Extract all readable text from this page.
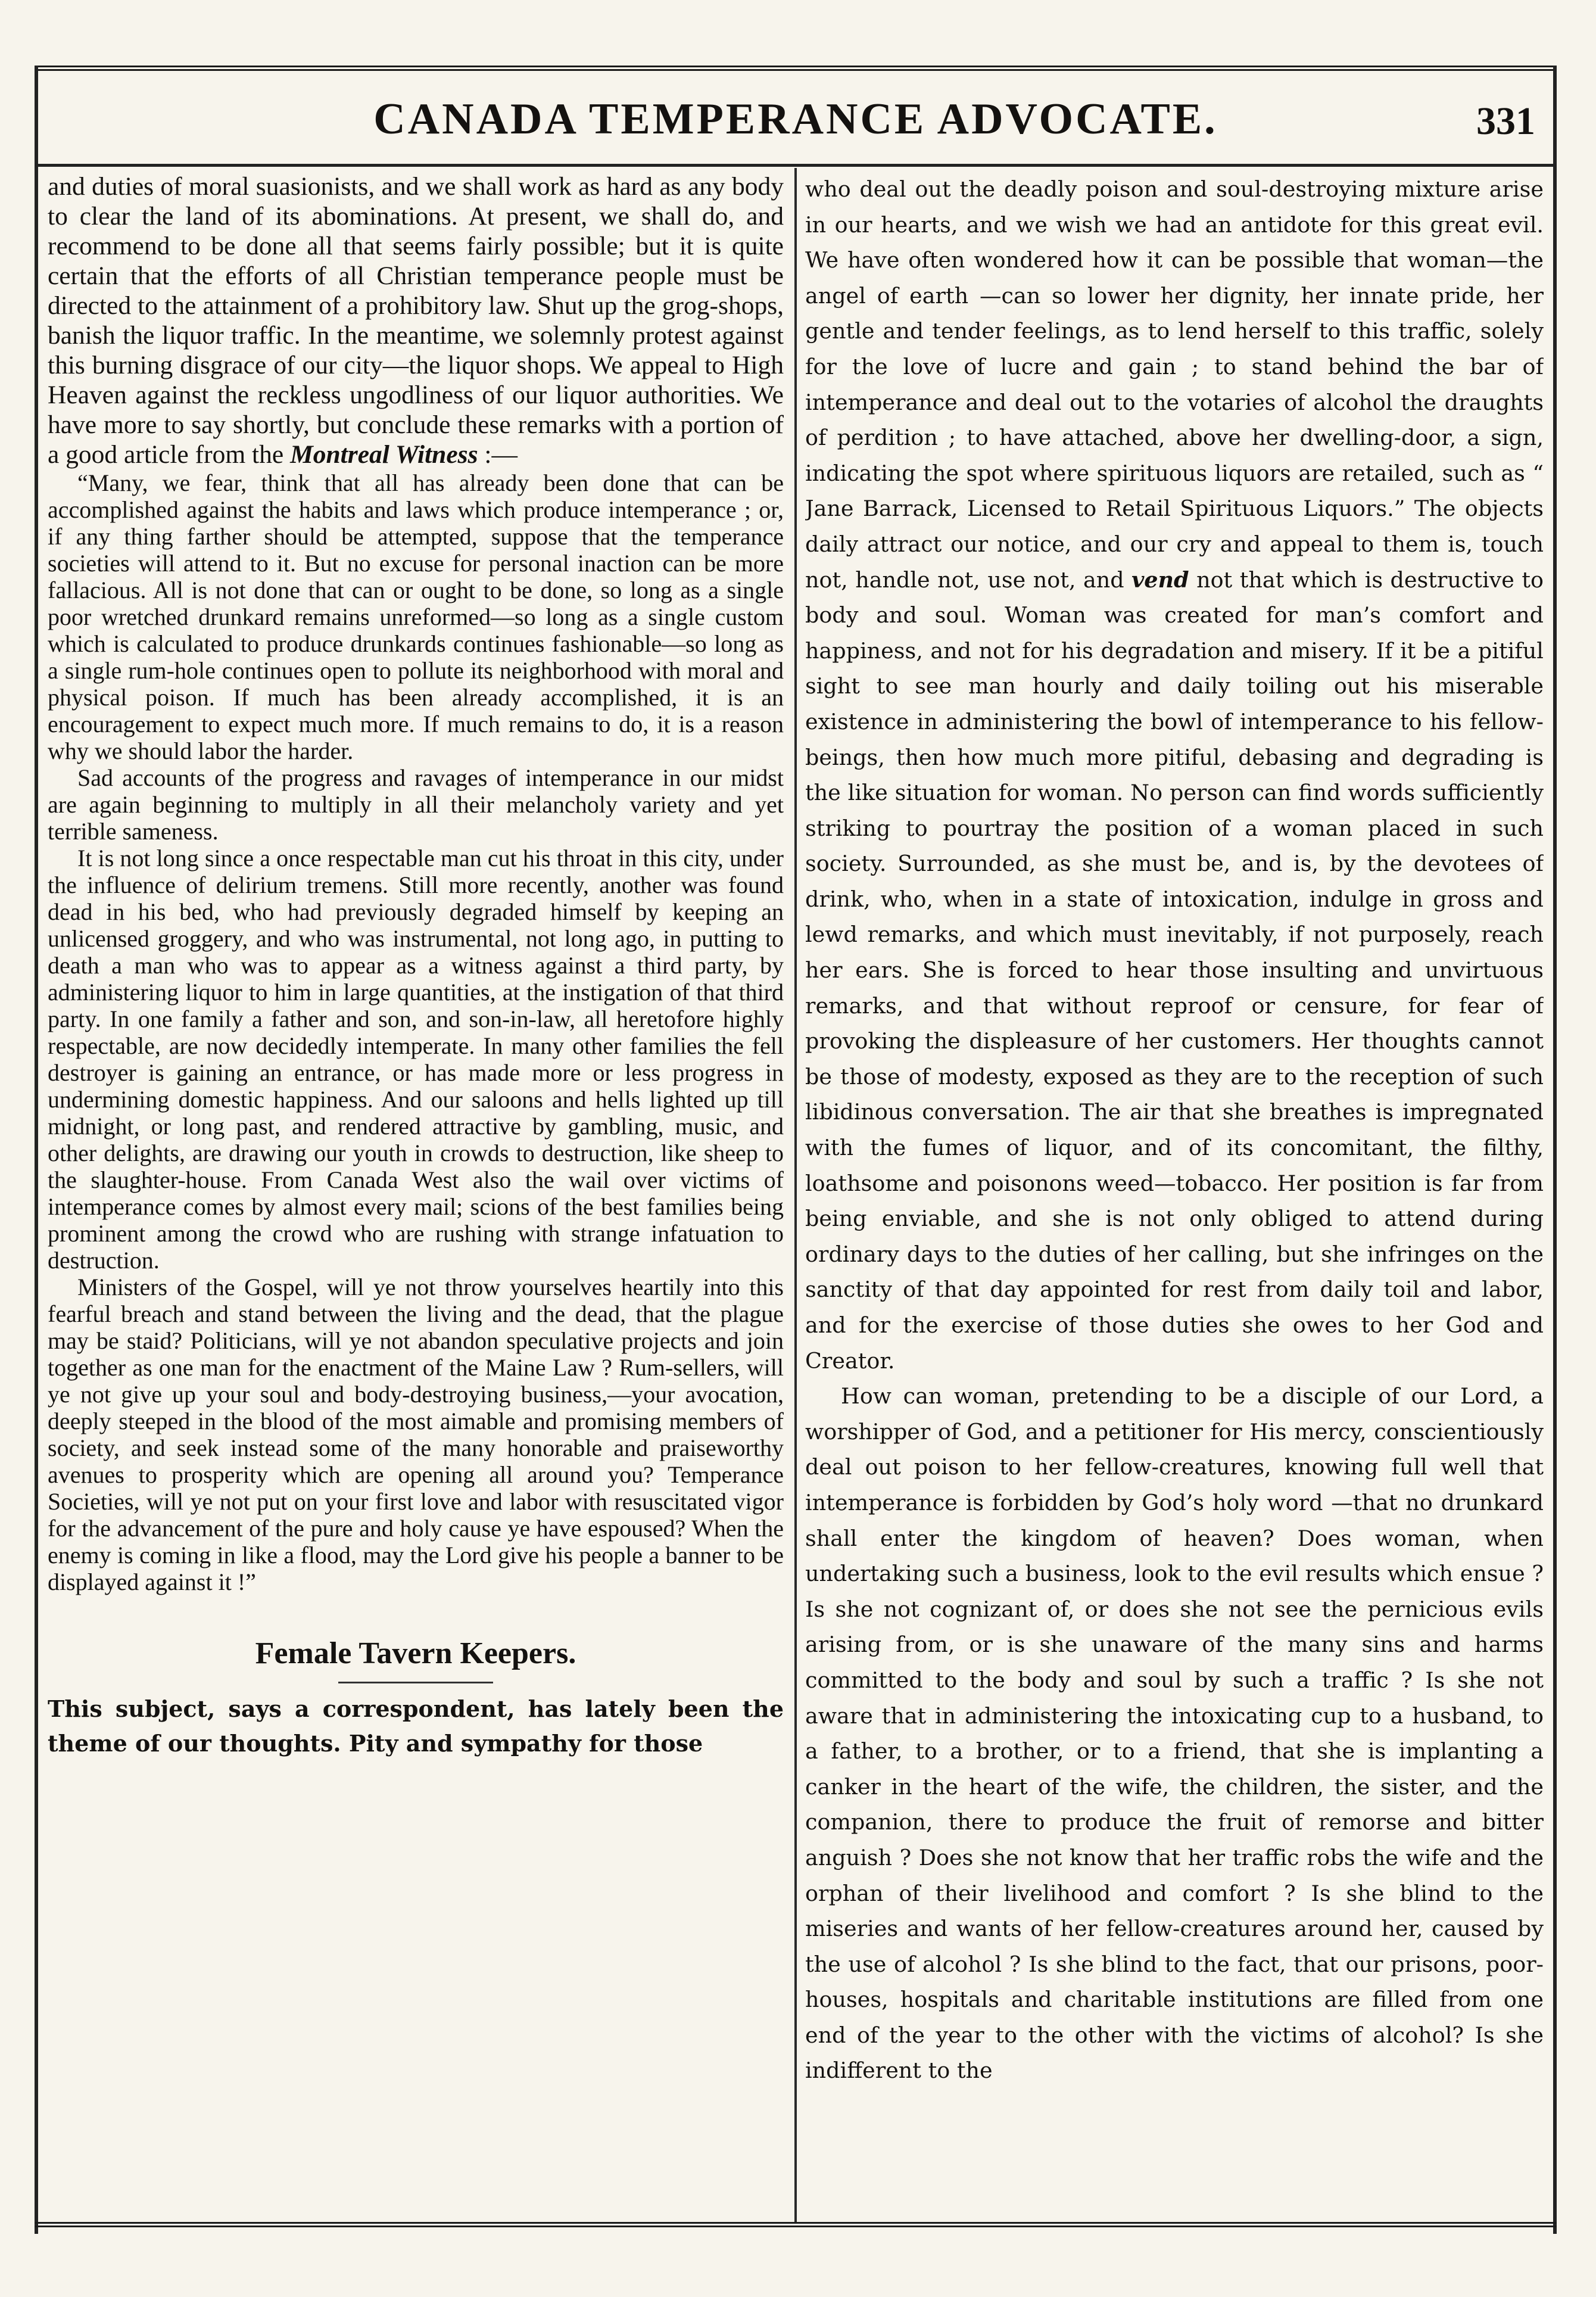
CANADA TEMPERANCE ADVOCATE.	331

and duties of moral suasionists, and we shall work as hard as any body to clear the land of its abominations. At present, we shall do, and recommend to be done all that seems fairly possible; but it is quite certain that the efforts of all Christian temperance people must be directed to the attainment of a prohibitory law. Shut up the grog-shops, banish the liquor traffic. In the meantime, we solemnly protest against this burning disgrace of our city—the liquor shops. We appeal to High Heaven against the reckless ungodliness of our liquor authorities. We have more to say shortly, but conclude these remarks with a portion of a good article from the Montreal Witness :—

“Many, we fear, think that all has already been done that can be accomplished against the habits and laws which produce intemperance ; or, if any thing farther should be attempted, suppose that the temperance societies will attend to it. But no excuse for personal inaction can be more fallacious. All is not done that can or ought to be done, so long as a single poor wretched drunkard remains unreformed—so long as a single custom which is calculated to produce drunkards continues fashionable—so long as a single rum-hole continues open to pollute its neighborhood with moral and physical poison. If much has been already accomplished, it is an encouragement to expect much more. If much remains to do, it is a reason why we should labor the harder.

Sad accounts of the progress and ravages of intemperance in our midst are again beginning to multiply in all their melancholy variety and yet terrible sameness.

It is not long since a once respectable man cut his throat in this city, under the influence of delirium tremens. Still more recently, another was found dead in his bed, who had previously degraded himself by keeping an unlicensed groggery, and who was instrumental, not long ago, in putting to death a man who was to appear as a witness against a third party, by administering liquor to him in large quantities, at the instigation of that third party. In one family a father and son, and son-in-law, all heretofore highly respectable, are now decidedly intemperate. In many other families the fell destroyer is gaining an entrance, or has made more or less progress in undermining domestic happiness. And our saloons and hells lighted up till midnight, or long past, and rendered attractive by gambling, music, and other delights, are drawing our youth in crowds to destruction, like sheep to the slaughter-house. From Canada West also the wail over victims of intemperance comes by almost every mail; scions of the best families being prominent among the crowd who are rushing with strange infatuation to destruction.

Ministers of the Gospel, will ye not throw yourselves heartily into this fearful breach and stand between the living and the dead, that the plague may be staid? Politicians, will ye not abandon speculative projects and join together as one man for the enactment of the Maine Law ? Rum-sellers, will ye not give up your soul and body-destroying business,—your avocation, deeply steeped in the blood of the most aimable and promising members of society, and seek instead some of the many honorable and praiseworthy avenues to prosperity which are opening all around you? Temperance Societies, will ye not put on your first love and labor with resuscitated vigor for the advancement of the pure and holy cause ye have espoused? When the enemy is coming in like a flood, may the Lord give his people a banner to be displayed against it !”

Female Tavern Keepers.

This subject, says a correspondent, has lately been the theme of our thoughts. Pity and sympathy for those

who deal out the deadly poison and soul-destroying mixture arise in our hearts, and we wish we had an antidote for this great evil. We have often wondered how it can be possible that woman—the angel of earth —can so lower her dignity, her innate pride, her gentle and tender feelings, as to lend herself to this traffic, solely for the love of lucre and gain ; to stand behind the bar of intemperance and deal out to the votaries of alcohol the draughts of perdition ; to have attached, above her dwelling-door, a sign, indicating the spot where spirituous liquors are retailed, such as “ Jane Barrack, Licensed to Retail Spirituous Liquors.” The objects daily attract our notice, and our cry and appeal to them is, touch not, handle not, use not, and vend not that which is destructive to body and soul. Woman was created for man’s comfort and happiness, and not for his degradation and misery. If it be a pitiful sight to see man hourly and daily toiling out his miserable existence in administering the bowl of intemperance to his fellow-beings, then how much more pitiful, debasing and degrading is the like situation for woman. No person can find words sufficiently striking to pourtray the position of a woman placed in such society. Surrounded, as she must be, and is, by the devotees of drink, who, when in a state of intoxication, indulge in gross and lewd remarks, and which must inevitably, if not purposely, reach her ears. She is forced to hear those insulting and unvirtuous remarks, and that without reproof or censure, for fear of provoking the displeasure of her customers. Her thoughts cannot be those of modesty, exposed as they are to the reception of such libidinous conversation. The air that she breathes is impregnated with the fumes of liquor, and of its concomitant, the filthy, loathsome and poisonons weed—tobacco. Her position is far from being enviable, and she is not only obliged to attend during ordinary days to the duties of her calling, but she infringes on the sanctity of that day appointed for rest from daily toil and labor, and for the exercise of those duties she owes to her God and Creator.

How can woman, pretending to be a disciple of our Lord, a worshipper of God, and a petitioner for His mercy, conscientiously deal out poison to her fellow-creatures, knowing full well that intemperance is forbidden by God’s holy word —that no drunkard shall enter the kingdom of heaven? Does woman, when undertaking such a business, look to the evil results which ensue ? Is she not cognizant of, or does she not see the pernicious evils arising from, or is she unaware of the many sins and harms committed to the body and soul by such a traffic ? Is she not aware that in administering the intoxicating cup to a husband, to a father, to a brother, or to a friend, that she is implanting a canker in the heart of the wife, the children, the sister, and the companion, there to produce the fruit of remorse and bitter anguish ? Does she not know that her traffic robs the wife and the orphan of their livelihood and comfort ? Is she blind to the miseries and wants of her fellow-creatures around her, caused by the use of alcohol ? Is she blind to the fact, that our prisons, poor-houses, hospitals and charitable institutions are filled from one end of the year to the other with the victims of alcohol? Is she indifferent to the
